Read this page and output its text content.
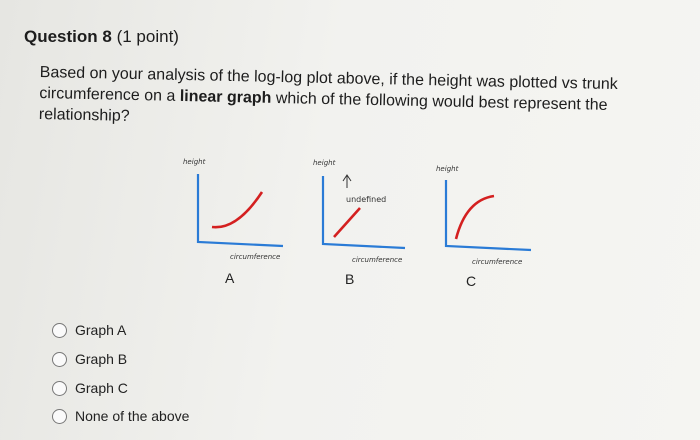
Question 8 (1 point)
Based on your analysis of the log-log plot above, if the height was plotted vs trunk circumference on a linear graph which of the following would best represent the relationship?
height
circumference
A
height
undefined
circumference
B
height
circumference
C
Graph A
Graph B
Graph C
None of the above
